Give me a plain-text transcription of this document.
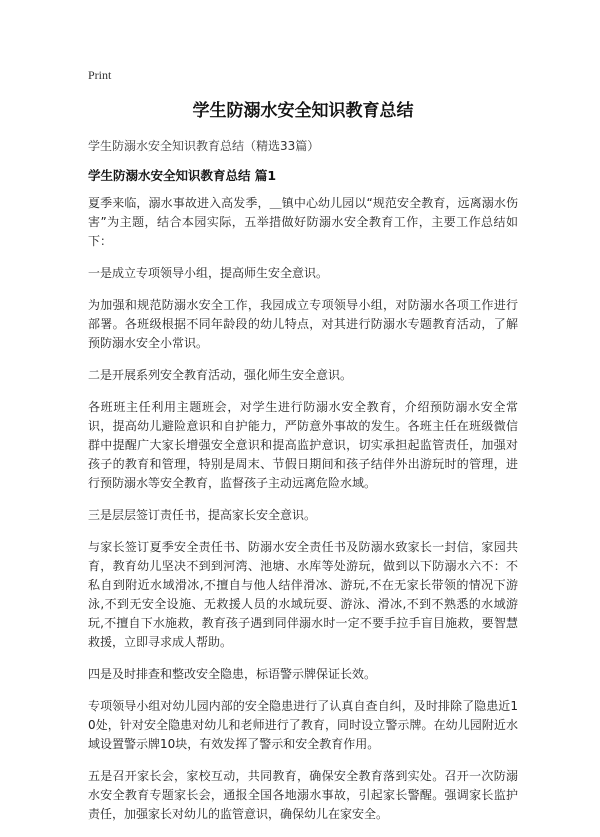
Print
学生防溺水安全知识教育总结
学生防溺水安全知识教育总结（精选33篇）
学生防溺水安全知识教育总结 篇1

夏季来临，溺水事故进入高发季，＿镇中心幼儿园以“规范安全教育，远离溺水伤害”为主题，结合本园实际，五举措做好防溺水安全教育工作，主要工作总结如下：

一是成立专项领导小组，提高师生安全意识。

为加强和规范防溺水安全工作，我园成立专项领导小组，对防溺水各项工作进行部署。各班级根据不同年龄段的幼儿特点，对其进行防溺水专题教育活动，了解预防溺水安全小常识。

二是开展系列安全教育活动，强化师生安全意识。

各班班主任利用主题班会，对学生进行防溺水安全教育，介绍预防溺水安全常识，提高幼儿避险意识和自护能力，严防意外事故的发生。各班主任在班级微信群中提醒广大家长增强安全意识和提高监护意识，切实承担起监管责任，加强对孩子的教育和管理，特别是周末、节假日期间和孩子结伴外出游玩时的管理，进行预防溺水等安全教育，监督孩子主动远离危险水域。

三是层层签订责任书，提高家长安全意识。

与家长签订夏季安全责任书、防溺水安全责任书及防溺水致家长一封信，家园共育，教育幼儿坚决不到到河湾、池塘、水库等处游玩，做到以下防溺水六不：不私自到附近水域滑冰,不擅自与他人结伴滑冰、游玩,不在无家长带领的情况下游泳,不到无安全设施、无救援人员的水域玩耍、游泳、滑冰,不到不熟悉的水域游玩,不擅自下水施救，教育孩子遇到同伴溺水时一定不要手拉手盲目施救，要智慧救援，立即寻求成人帮助。

四是及时排查和整改安全隐患，标语警示牌保证长效。

专项领导小组对幼儿园内部的安全隐患进行了认真自查自纠，及时排除了隐患近10处，针对安全隐患对幼儿和老师进行了教育，同时设立警示牌。在幼儿园附近水域设置警示牌10块，有效发挥了警示和安全教育作用。

五是召开家长会，家校互动，共同教育，确保安全教育落到实处。召开一次防溺水安全教育专题家长会，通报全国各地溺水事故，引起家长警醒。强调家长监护责任，加强家长对幼儿的监管意识，确保幼儿在家安全。
